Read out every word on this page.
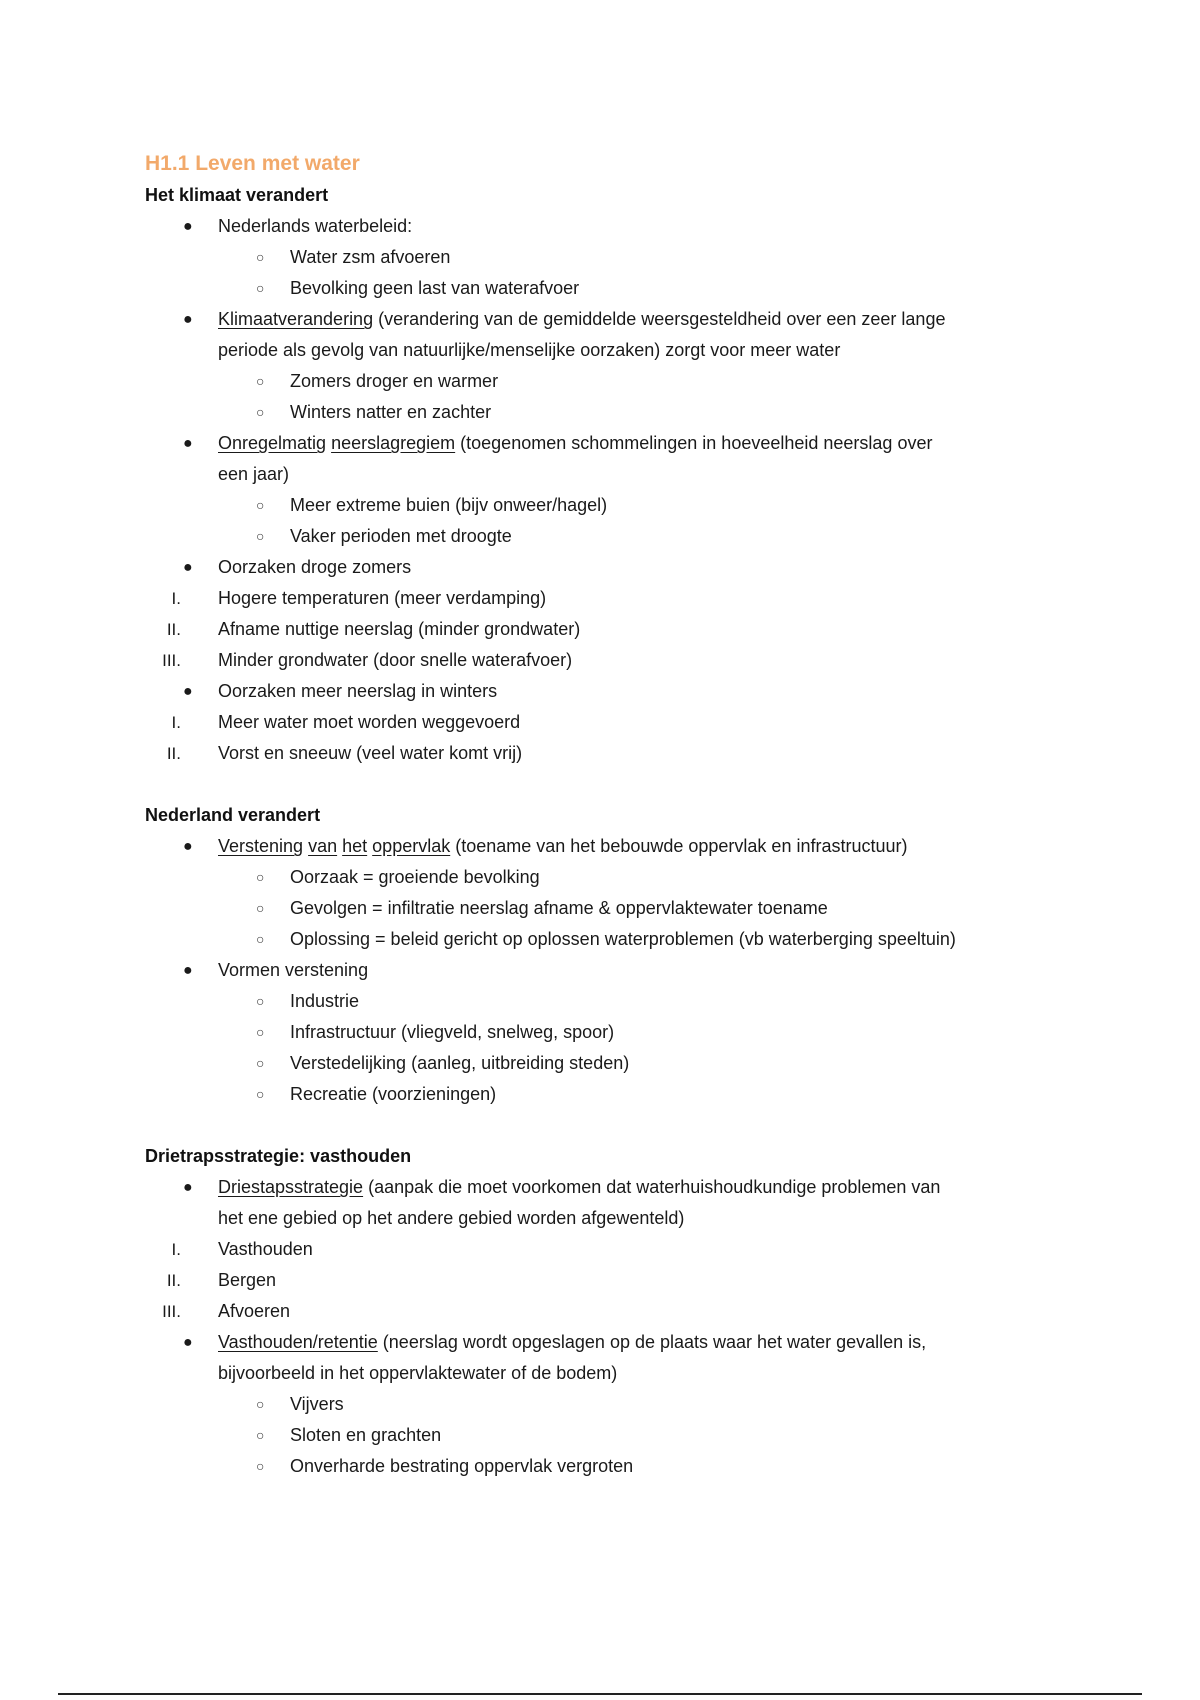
H1.1 Leven met water
Het klimaat verandert
● Nederlands waterbeleid:
○ Water zsm afvoeren
○ Bevolking geen last van waterafvoer
● Klimaatverandering (verandering van de gemiddelde weersgesteldheid over een zeer lange
periode als gevolg van natuurlijke/menselijke oorzaken) zorgt voor meer water
○ Zomers droger en warmer
○ Winters natter en zachter
● Onregelmatig neerslagregiem (toegenomen schommelingen in hoeveelheid neerslag over
een jaar)
○ Meer extreme buien (bijv onweer/hagel)
○ Vaker perioden met droogte
● Oorzaken droge zomers
I. Hogere temperaturen (meer verdamping)
II. Afname nuttige neerslag (minder grondwater)
III. Minder grondwater (door snelle waterafvoer)
● Oorzaken meer neerslag in winters
I. Meer water moet worden weggevoerd
II. Vorst en sneeuw (veel water komt vrij)
Nederland verandert
● Verstening van het oppervlak (toename van het bebouwde oppervlak en infrastructuur)
○ Oorzaak = groeiende bevolking
○ Gevolgen = infiltratie neerslag afname & oppervlaktewater toename
○ Oplossing = beleid gericht op oplossen waterproblemen (vb waterberging speeltuin)
● Vormen verstening
○ Industrie
○ Infrastructuur (vliegveld, snelweg, spoor)
○ Verstedelijking (aanleg, uitbreiding steden)
○ Recreatie (voorzieningen)
Drietrapsstrategie: vasthouden
● Driestapsstrategie (aanpak die moet voorkomen dat waterhuishoudkundige problemen van
het ene gebied op het andere gebied worden afgewenteld)
I. Vasthouden
II. Bergen
III. Afvoeren
● Vasthouden/retentie (neerslag wordt opgeslagen op de plaats waar het water gevallen is,
bijvoorbeeld in het oppervlaktewater of de bodem)
○ Vijvers
○ Sloten en grachten
○ Onverharde bestrating oppervlak vergroten
